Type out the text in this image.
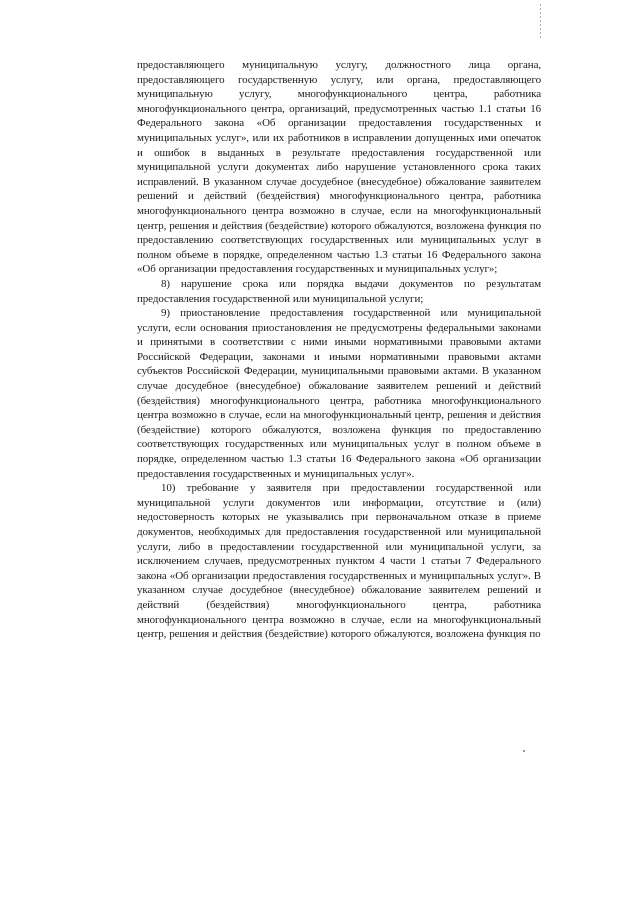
предоставляющего муниципальную услугу, должностного лица органа, предоставляющего государственную услугу, или органа, предоставляющего муниципальную услугу, многофункционального центра, работника многофункционального центра, организаций, предусмотренных частью 1.1 статьи 16 Федерального закона «Об организации предоставления государственных и муниципальных услуг», или их работников в исправлении допущенных ими опечаток и ошибок в выданных в результате предоставления государственной или муниципальной услуги документах либо нарушение установленного срока таких исправлений. В указанном случае досудебное (внесудебное) обжалование заявителем решений и действий (бездействия) многофункционального центра, работника многофункционального центра возможно в случае, если на многофункциональный центр, решения и действия (бездействие) которого обжалуются, возложена функция по предоставлению соответствующих государственных или муниципальных услуг в полном объеме в порядке, определенном частью 1.3 статьи 16 Федерального закона «Об организации предоставления государственных и муниципальных услуг»;

8) нарушение срока или порядка выдачи документов по результатам предоставления государственной или муниципальной услуги;

9) приостановление предоставления государственной или муниципальной услуги, если основания приостановления не предусмотрены федеральными законами и принятыми в соответствии с ними иными нормативными правовыми актами Российской Федерации, законами и иными нормативными правовыми актами субъектов Российской Федерации, муниципальными правовыми актами. В указанном случае досудебное (внесудебное) обжалование заявителем решений и действий (бездействия) многофункционального центра, работника многофункционального центра возможно в случае, если на многофункциональный центр, решения и действия (бездействие) которого обжалуются, возложена функция по предоставлению соответствующих государственных или муниципальных услуг в полном объеме в порядке, определенном частью 1.3 статьи 16 Федерального закона «Об организации предоставления государственных и муниципальных услуг».

10) требование у заявителя при предоставлении государственной или муниципальной услуги документов или информации, отсутствие и (или) недостоверность которых не указывались при первоначальном отказе в приеме документов, необходимых для предоставления государственной или муниципальной услуги, либо в предоставлении государственной или муниципальной услуги, за исключением случаев, предусмотренных пунктом 4 части 1 статьи 7 Федерального закона «Об организации предоставления государственных и муниципальных услуг». В указанном случае досудебное (внесудебное) обжалование заявителем решений и действий (бездействия) многофункционального центра, работника многофункционального центра возможно в случае, если на многофункциональный центр, решения и действия (бездействие) которого обжалуются, возложена функция по
